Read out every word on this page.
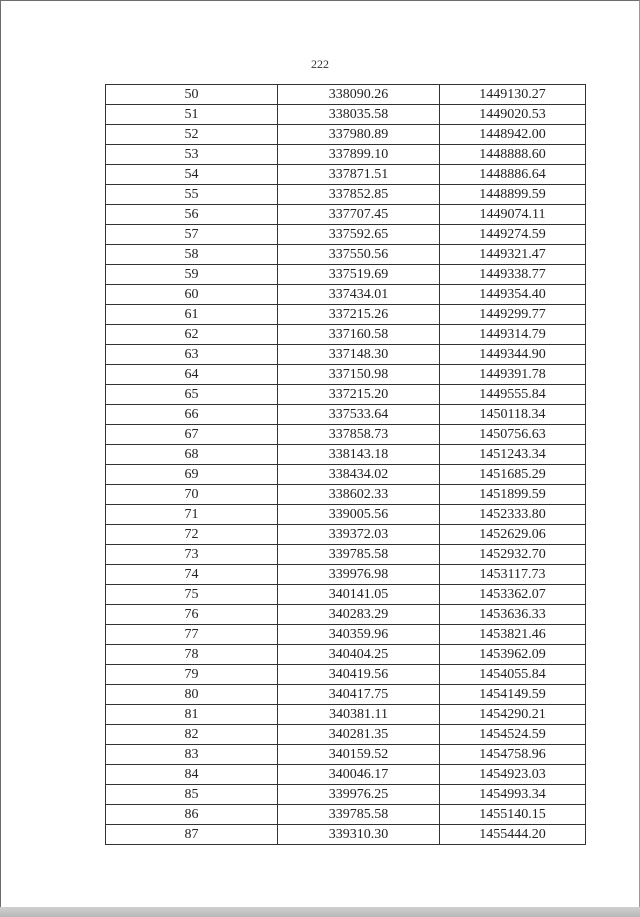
222
50	338090.26	1449130.27
51	338035.58	1449020.53
52	337980.89	1448942.00
53	337899.10	1448888.60
54	337871.51	1448886.64
55	337852.85	1448899.59
56	337707.45	1449074.11
57	337592.65	1449274.59
58	337550.56	1449321.47
59	337519.69	1449338.77
60	337434.01	1449354.40
61	337215.26	1449299.77
62	337160.58	1449314.79
63	337148.30	1449344.90
64	337150.98	1449391.78
65	337215.20	1449555.84
66	337533.64	1450118.34
67	337858.73	1450756.63
68	338143.18	1451243.34
69	338434.02	1451685.29
70	338602.33	1451899.59
71	339005.56	1452333.80
72	339372.03	1452629.06
73	339785.58	1452932.70
74	339976.98	1453117.73
75	340141.05	1453362.07
76	340283.29	1453636.33
77	340359.96	1453821.46
78	340404.25	1453962.09
79	340419.56	1454055.84
80	340417.75	1454149.59
81	340381.11	1454290.21
82	340281.35	1454524.59
83	340159.52	1454758.96
84	340046.17	1454923.03
85	339976.25	1454993.34
86	339785.58	1455140.15
87	339310.30	1455444.20
